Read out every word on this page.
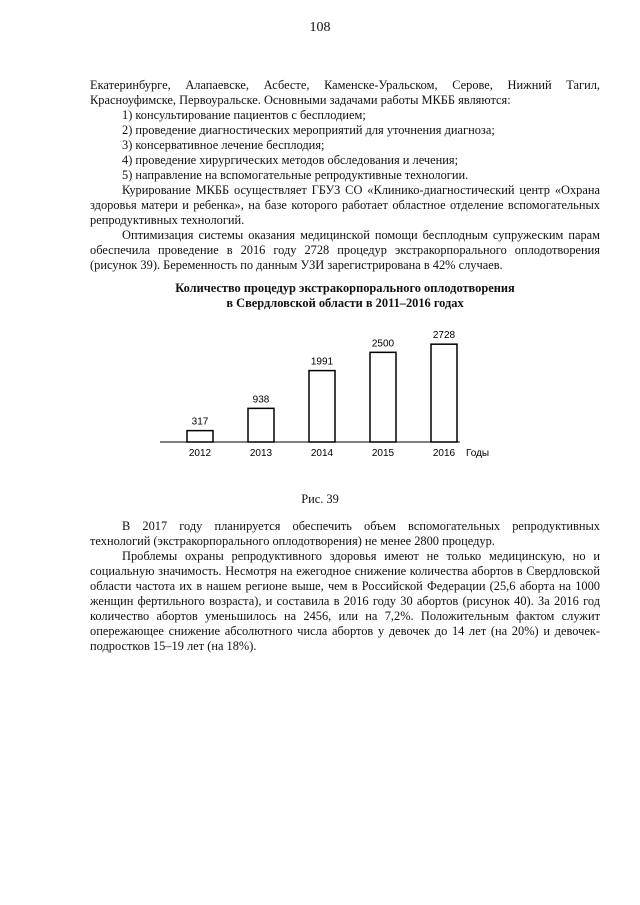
108

Екатеринбурге, Алапаевске, Асбесте, Каменске-Уральском, Серове, Нижний Тагил, Красноуфимске, Первоуральске. Основными задачами работы МКББ являются:

1) консультирование пациентов с бесплодием;

2) проведение диагностических мероприятий для уточнения диагноза;

3) консервативное лечение бесплодия;

4) проведение хирургических методов обследования и лечения;

5) направление на вспомогательные репродуктивные технологии.

Курирование МКББ осуществляет ГБУЗ СО «Клинико-диагностический центр «Охрана здоровья матери и ребенка», на базе которого работает областное отделение вспомогательных репродуктивных технологий.

Оптимизация системы оказания медицинской помощи бесплодным супружеским парам обеспечила проведение в 2016 году 2728 процедур экстракорпорального оплодотворения (рисунок 39). Беременность по данным УЗИ зарегистрирована в 42% случаев.

Количество процедур экстракорпорального оплодотворения
в Свердловской области в 2011–2016 годах
317
2012
938
2013
1991
2014
2500
2015
2728
2016 Годы
Рис. 39

В 2017 году планируется обеспечить объем вспомогательных репродуктивных технологий (экстракорпорального оплодотворения) не менее 2800 процедур.

Проблемы охраны репродуктивного здоровья имеют не только медицинскую, но и социальную значимость. Несмотря на ежегодное снижение количества абортов в Свердловской области частота их в нашем регионе выше, чем в Российской Федерации (25,6 аборта на 1000 женщин фертильного возраста), и составила в 2016 году 30 абортов (рисунок 40). За 2016 год количество абортов уменьшилось на 2456, или на 7,2%. Положительным фактом служит опережающее снижение абсолютного числа абортов у девочек до 14 лет (на 20%) и девочек-подростков 15–19 лет (на 18%).
